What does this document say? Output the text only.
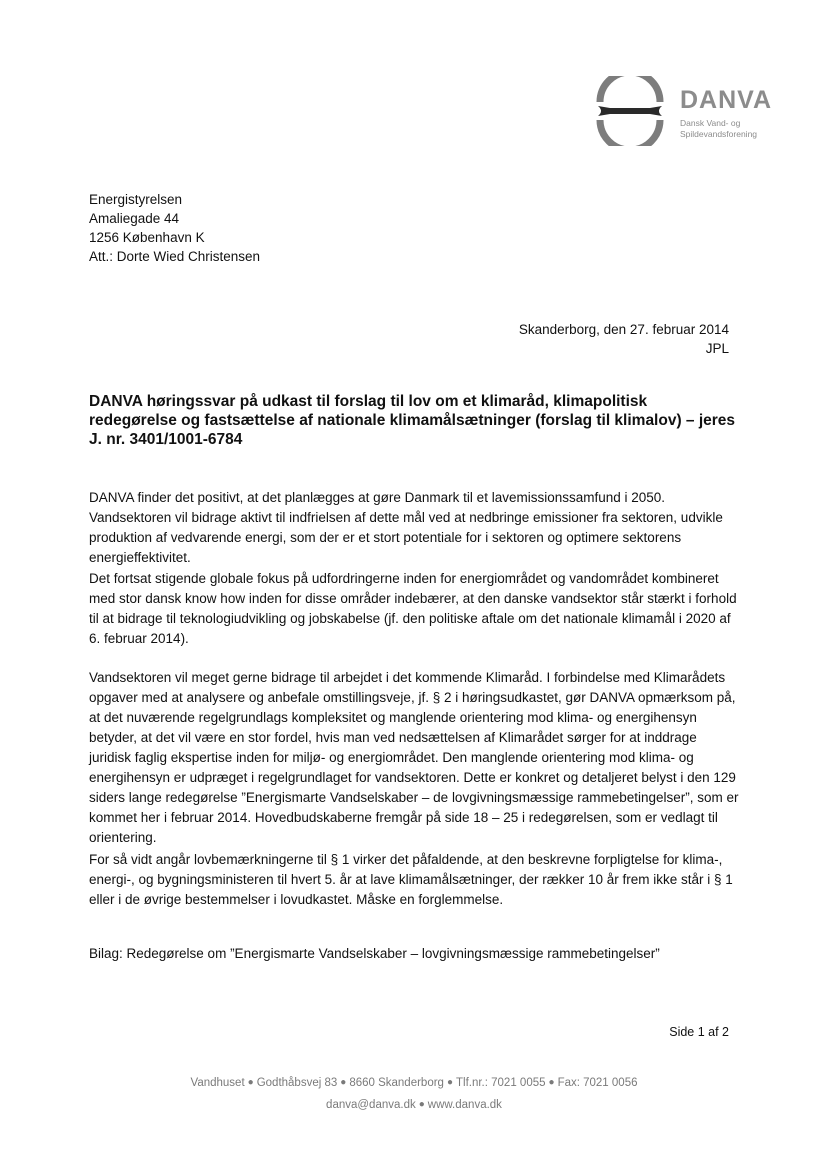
DANVA
Dansk Vand- og
Spildevandsforening
Energistyrelsen
Amaliegade 44
1256 København K
Att.: Dorte Wied Christensen
Skanderborg, den 27. februar 2014
JPL
DANVA høringssvar på udkast til forslag til lov om et klimaråd, klimapolitisk redegørelse og fastsættelse af nationale klimamålsætninger (forslag til klimalov) – jeres J. nr. 3401/1001-6784

DANVA finder det positivt, at det planlægges at gøre Danmark til et lavemissionssamfund i 2050. Vandsektoren vil bidrage aktivt til indfrielsen af dette mål ved at nedbringe emissioner fra sektoren, udvikle produktion af vedvarende energi, som der er et stort potentiale for i sektoren og optimere sektorens energieffektivitet.

Det fortsat stigende globale fokus på udfordringerne inden for energiområdet og vandområdet kombineret med stor dansk know how inden for disse områder indebærer, at den danske vandsektor står stærkt i forhold til at bidrage til teknologiudvikling og jobskabelse (jf. den politiske aftale om det nationale klimamål i 2020 af 6. februar 2014).

Vandsektoren vil meget gerne bidrage til arbejdet i det kommende Klimaråd. I forbindelse med Klimarådets opgaver med at analysere og anbefale omstillingsveje, jf. § 2 i høringsudkastet, gør DANVA opmærksom på, at det nuværende regelgrundlags kompleksitet og manglende orientering mod klima- og energihensyn betyder, at det vil være en stor fordel, hvis man ved nedsættelsen af Klimarådet sørger for at inddrage juridisk faglig ekspertise inden for miljø- og energiområdet. Den manglende orientering mod klima- og energihensyn er udpræget i regelgrundlaget for vandsektoren. Dette er konkret og detaljeret belyst i den 129 siders lange redegørelse ”Energismarte Vandselskaber – de lovgivningsmæssige rammebetingelser”, som er kommet her i februar 2014. Hovedbudskaberne fremgår på side 18 – 25 i redegørelsen, som er vedlagt til orientering.

For så vidt angår lovbemærkningerne til § 1 virker det påfaldende, at den beskrevne forpligtelse for klima-, energi-, og bygningsministeren til hvert 5. år at lave klimamålsætninger, der rækker 10 år frem ikke står i § 1 eller i de øvrige bestemmelser i lovudkastet. Måske en forglemmelse.

Bilag: Redegørelse om ”Energismarte Vandselskaber – lovgivningsmæssige rammebetingelser”
Side 1 af 2
Vandhuset ● Godthåbsvej 83 ● 8660 Skanderborg ● Tlf.nr.: 7021 0055 ● Fax: 7021 0056
danva@danva.dk ● www.danva.dk
